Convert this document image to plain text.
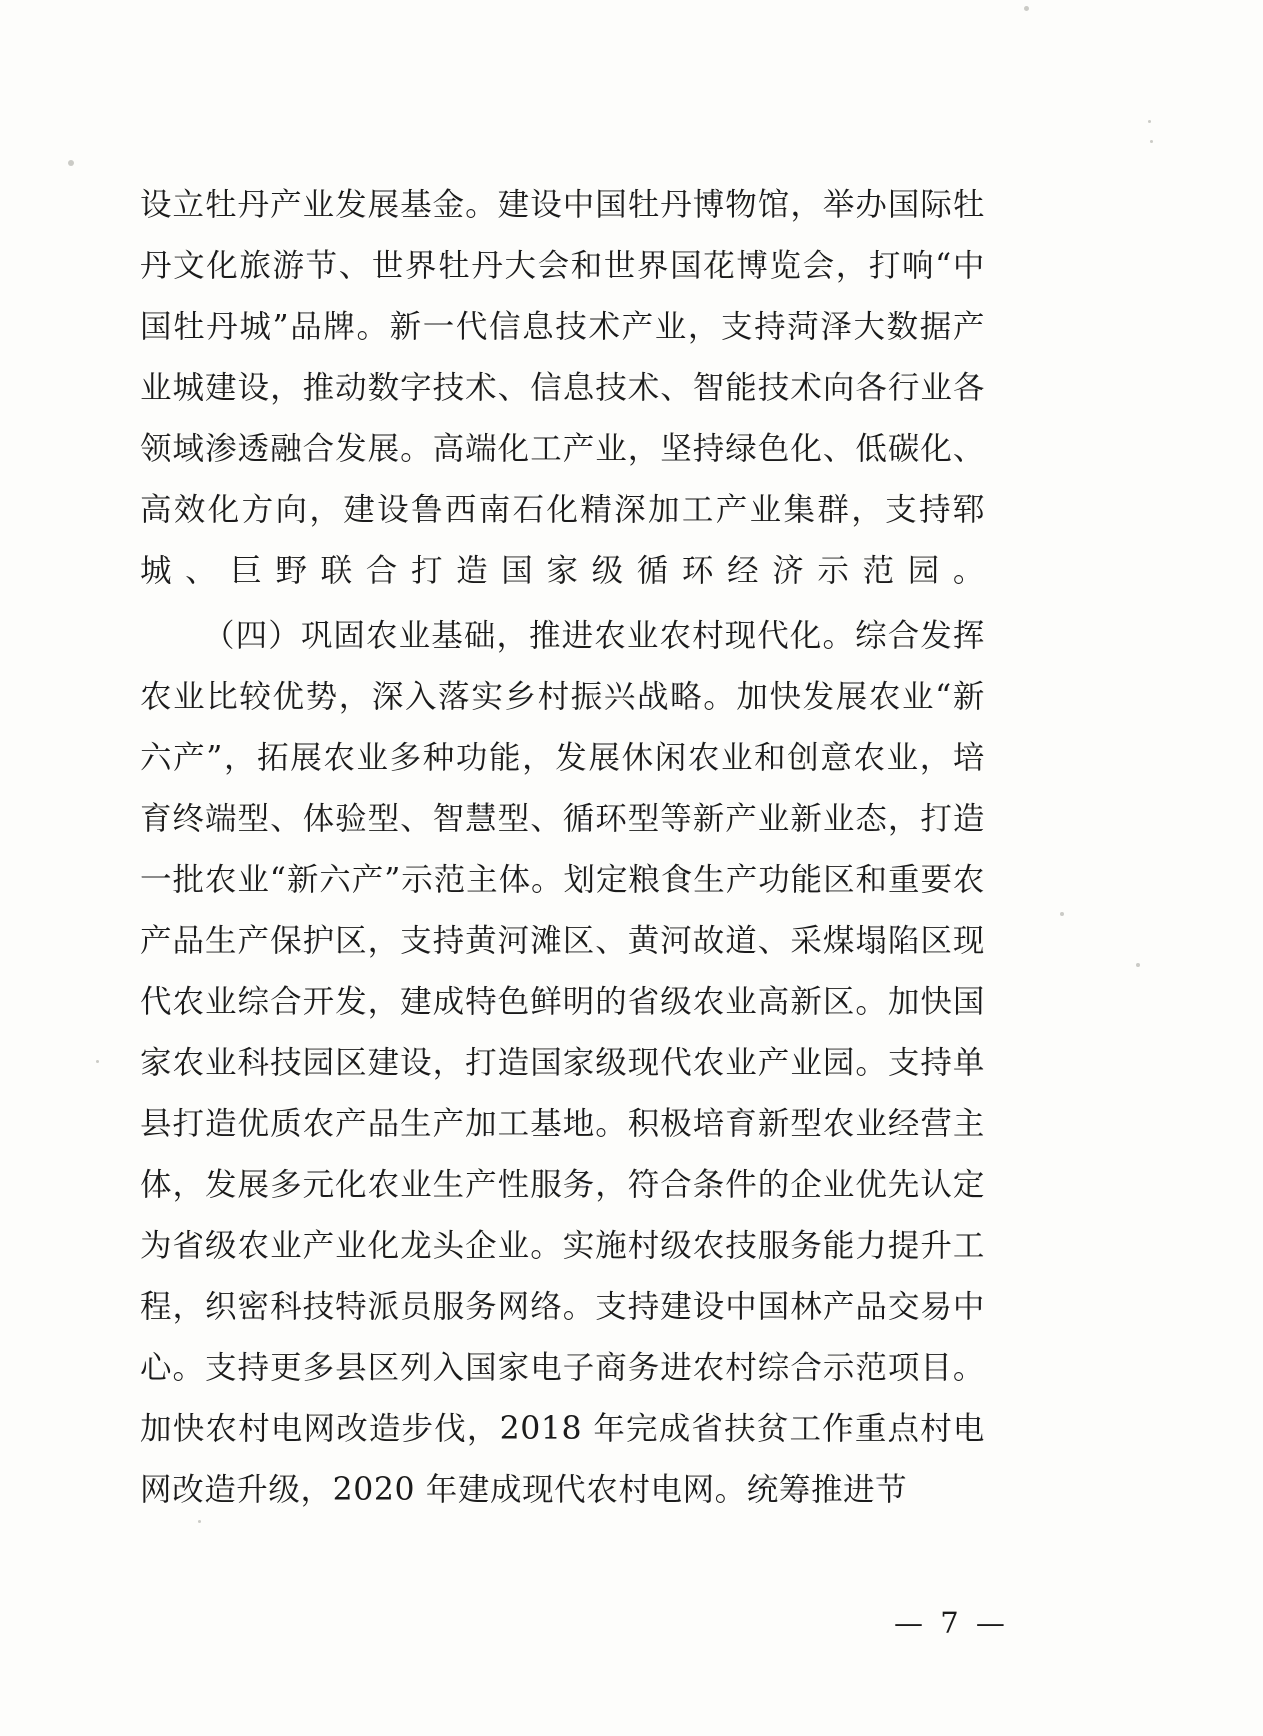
设立牡丹产业发展基金。建设中国牡丹博物馆，举办国际牡丹文化旅游节、世界牡丹大会和世界国花博览会，打响“中国牡丹城”品牌。新一代信息技术产业，支持菏泽大数据产业城建设，推动数字技术、信息技术、智能技术向各行业各领域渗透融合发展。高端化工产业，坚持绿色化、低碳化、高效化方向，建设鲁西南石化精深加工产业集群，支持郓城、巨野联合打造国家级循环经济示范园。

（四）巩固农业基础，推进农业农村现代化。综合发挥农业比较优势，深入落实乡村振兴战略。加快发展农业“新六产”，拓展农业多种功能，发展休闲农业和创意农业，培育终端型、体验型、智慧型、循环型等新产业新业态，打造一批农业“新六产”示范主体。划定粮食生产功能区和重要农产品生产保护区，支持黄河滩区、黄河故道、采煤塌陷区现代农业综合开发，建成特色鲜明的省级农业高新区。加快国家农业科技园区建设，打造国家级现代农业产业园。支持单县打造优质农产品生产加工基地。积极培育新型农业经营主体，发展多元化农业生产性服务，符合条件的企业优先认定为省级农业产业化龙头企业。实施村级农技服务能力提升工程，织密科技特派员服务网络。支持建设中国林产品交易中心。支持更多县区列入国家电子商务进农村综合示范项目。加快农村电网改造步伐，2018 年完成省扶贫工作重点村电网改造升级，2020 年建成现代农村电网。统筹推进节

— 7 —
